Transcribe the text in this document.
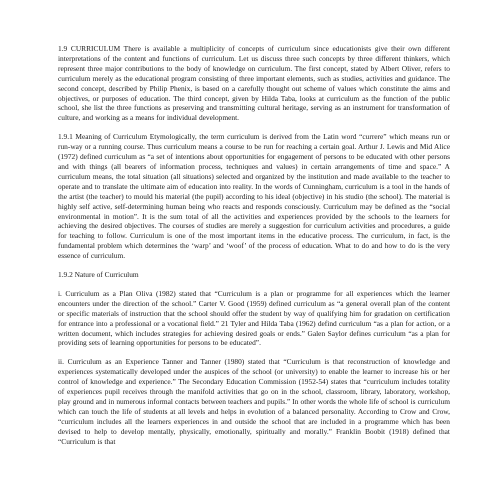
1.9 CURRICULUM There is available a multiplicity of concepts of curriculum since educationists give their own different interpretations of the content and functions of curriculum. Let us discuss three such concepts by three different thinkers, which represent three major contributions to the body of knowledge on curriculum. The first concept, stated by Albert Oliver, refers to curriculum merely as the educational program consisting of three important elements, such as studies, activities and guidance. The second concept, described by Philip Phenix, is based on a carefully thought out scheme of values which constitute the aims and objectives, or purposes of education. The third concept, given by Hilda Taba, looks at curriculum as the function of the public school, she list the three functions as preserving and transmitting cultural heritage, serving as an instrument for transformation of culture, and working as a means for individual development.

1.9.1 Meaning of Curriculum Etymologically, the term curriculum is derived from the Latin word “currere” which means run or run-way or a running course. Thus curriculum means a course to be run for reaching a certain goal. Arthur J. Lewis and Mid Alice (1972) defined curriculum as “a set of intentions about opportunities for engagement of persons to be educated with other persons and with things (all bearers of information process, techniques and values) in certain arrangements of time and space.” A curriculum means, the total situation (all situations) selected and organized by the institution and made available to the teacher to operate and to translate the ultimate aim of education into reality. In the words of Cunningham, curriculum is a tool in the hands of the artist (the teacher) to mould his material (the pupil) according to his ideal (objective) in his studio (the school). The material is highly self active, self-determining human being who reacts and responds consciously. Curriculum may be defined as the “social environmental in motion”. It is the sum total of all the activities and experiences provided by the schools to the learners for achieving the desired objectives. The courses of studies are merely a suggestion for curriculum activities and procedures, a guide for teaching to follow. Curriculum is one of the most important items in the educative process. The curriculum, in fact, is the fundamental problem which determines the ‘warp’ and ‘woof’ of the process of education. What to do and how to do is the very essence of curriculum.

1.9.2 Nature of Curriculum

i. Curriculum as a Plan Oliva (1982) stated that “Curriculum is a plan or programme for all experiences which the learner encounters under the direction of the school.” Carter V. Good (1959) defined curriculum as “a general overall plan of the content or specific materials of instruction that the school should offer the student by way of qualifying him for gradation on certification for entrance into a professional or a vocational field.” 21 Tyler and Hilda Taba (1962) defind curriculum “as a plan for action, or a written document, which includes strategies for achieving desired goals or ends.” Galen Saylor defines curriculum “as a plan for providing sets of learning opportunities for persons to be educated”.

ii. Curriculum as an Experience Tanner and Tanner (1980) stated that “Curriculum is that reconstruction of knowledge and experiences systematically developed under the auspices of the school (or university) to enable the learner to increase his or her control of knowledge and experience.” The Secondary Education Commission (1952-54) states that “curriculum includes totality of experiences pupil receives through the manifold activities that go on in the school, classroom, library, laboratory, workshop, play ground and in numerous informal contacts between teachers and pupils.” In other words the whole life of school is curriculum which can touch the life of students at all levels and helps in evolution of a balanced personality. According to Crow and Crow, “curriculum includes all the learners experiences in and outside the school that are included in a programme which has been devised to help to develop mentally, physically, emotionally, spiritually and morally.” Franklin Boobit (1918) defined that “Curriculum is that
